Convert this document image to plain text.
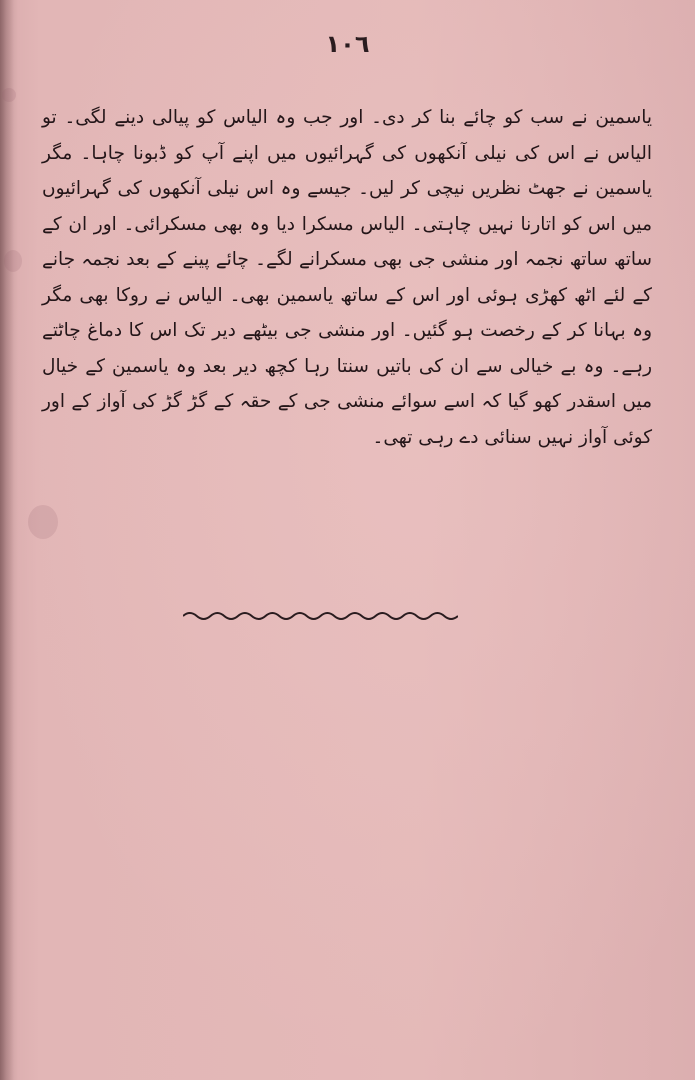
١٠٦

یاسمین نے سب کو چائے بنا کر دی۔ اور جب وہ الیاس کو پیالی دینے لگی۔ تو الیاس نے اس کی نیلی آنکھوں کی گہرائیوں میں اپنے آپ کو ڈبونا چاہا۔ مگر یاسمین نے جھٹ نظریں نیچی کر لیں۔ جیسے وہ اس نیلی آنکھوں کی گہرائیوں میں اس کو اتارنا نہیں چاہتی۔ الیاس مسکرا دیا وہ بھی مسکرائی۔ اور ان کے ساتھ ساتھ نجمہ اور منشی جی بھی مسکرانے لگے۔ چائے پینے کے بعد نجمہ جانے کے لئے اٹھ کھڑی ہوئی اور اس کے ساتھ یاسمین بھی۔ الیاس نے روکا بھی مگر وہ بہانا کر کے رخصت ہو گئیں۔ اور منشی جی بیٹھے دیر تک اس کا دماغ چاٹتے رہے۔ وہ بے خیالی سے ان کی باتیں سنتا رہا کچھ دیر بعد وہ یاسمین کے خیال میں اسقدر کھو گیا کہ اسے سوائے منشی جی کے حقہ کے گڑ گڑ کی آواز کے اور کوئی آواز نہیں سنائی دے رہی تھی۔
